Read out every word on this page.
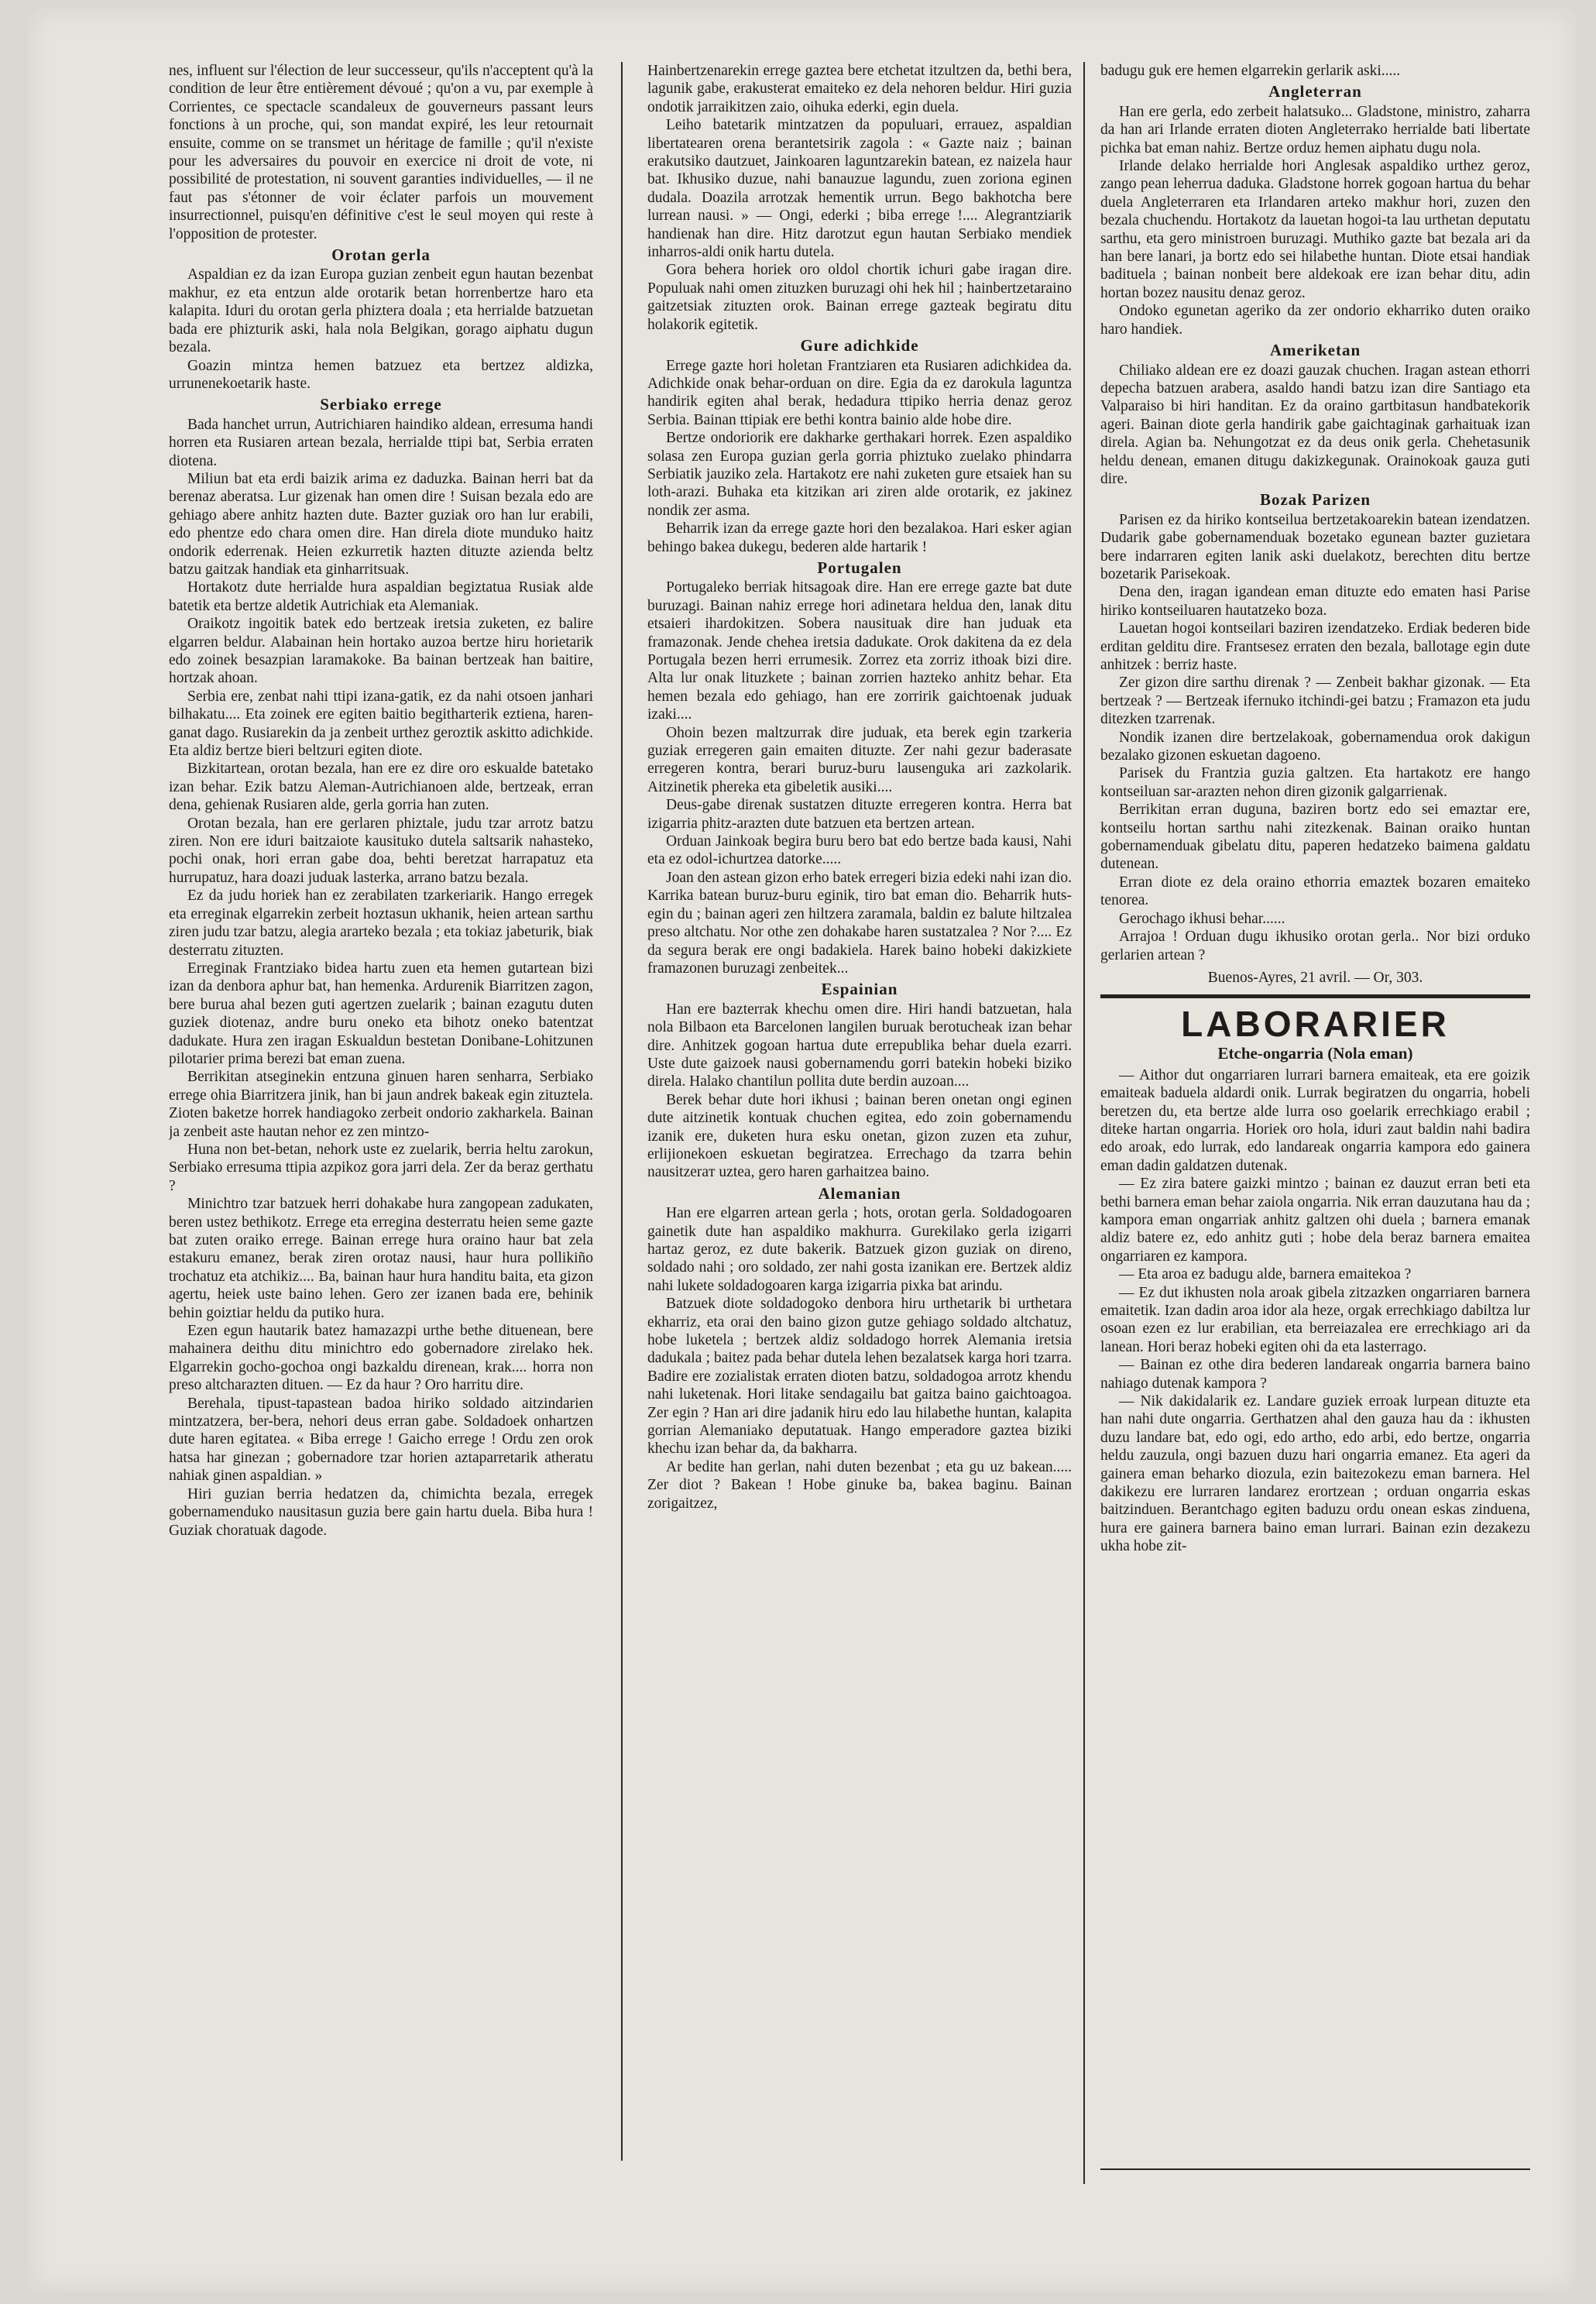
nes, influent sur l'élection de leur successeur, qu'ils n'acceptent qu'à la condition de leur être entièrement dévoué ; qu'on a vu, par exemple à Corrientes, ce spectacle scandaleux de gouverneurs passant leurs fonctions à un proche, qui, son mandat expiré, les leur retournait ensuite, comme on se transmet un héritage de famille ; qu'il n'existe pour les adversaires du pouvoir en exercice ni droit de vote, ni possibilité de protestation, ni souvent garanties individuelles, — il ne faut pas s'étonner de voir éclater parfois un mouvement insurrectionnel, puisqu'en définitive c'est le seul moyen qui reste à l'opposition de protester.

Orotan gerla

Aspaldian ez da izan Europa guzian zenbeit egun hautan bezenbat makhur, ez eta entzun alde orotarik betan horrenbertze haro eta kalapita. Iduri du orotan gerla phiztera doala ; eta herrialde batzuetan bada ere phizturik aski, hala nola Belgikan, gorago aiphatu dugun bezala.

Goazin mintza hemen batzuez eta bertzez aldizka, urrunenekoetarik haste.

Serbiako erregе

Bada hanchet urrun, Autrichiaren haindiko aldean, erresuma handi horren eta Rusiaren artean bezala, herrialde ttipi bat, Serbia erraten diotena.

Miliun bat eta erdi baizik arima ez daduzka. Bainan herri bat da berenaz aberatsa. Lur gizenak han omen dire ! Suisan bezala edo are gehiago abere anhitz hazten dute. Bazter guziak oro han lur erabili, edo phentze edo chara omen dire. Han direla diote munduko haitz ondorik ederrenak. Heien ezkurretik hazten dituzte azienda beltz batzu gaitzak handiak eta ginharritsuak.

Hortakotz dute herrialde hura aspaldian begiztatua Rusiak alde batetik eta bertze aldetik Autrichiak eta Alemaniak.

Oraikotz ingoitik batek edo bertzeak iretsia zuketen, ez balire elgarren beldur. Alabainan hein hortako auzoa bertze hiru horietarik edo zoinek besazpian laramakoke. Ba bainan bertzeak han baitire, hortzak ahoan.

Serbia ere, zenbat nahi ttipi izana-gatik, ez da nahi otsoen janhari bilhakatu.... Eta zoinek ere egiten baitio begitharterik eztiena, haren-ganat dago. Rusiarekin da ja zenbeit urthez geroztik askitto adichkide. Eta aldiz bertze bieri beltzuri egiten diote.

Bizkitartean, orotan bezala, han ere ez dire oro eskualde batetako izan behar. Ezik batzu Aleman-Autrichianoen alde, bertzeak, erran dena, gehienak Rusiaren alde, gerla gorria han zuten.

Orotan bezala, han ere gerlaren phiztale, judu tzar arrotz batzu ziren. Non ere iduri baitzaiote kausituko dutela saltsarik nahasteko, pochi onak, hori erran gabe doa, behti beretzat harrapatuz eta hurrupatuz, hara doazi juduak lasterka, arrano batzu bezala.

Ez da judu horiek han ez zerabilaten tzarkeriarik. Hango erregek eta erreginak elgarrekin zerbeit hoztasun ukhanik, heien artean sarthu ziren judu tzar batzu, alegia ararteko bezala ; eta tokiaz jabeturik, biak desterratu zituzten.

Erreginak Frantziako bidea hartu zuen eta hemen gutartean bizi izan da denbora aphur bat, han hemenka. Ardurenik Biarritzen zagon, bere burua ahal bezen guti agertzen zuelarik ; bainan ezagutu duten guziek diotenaz, andre buru oneko eta bihotz oneko batentzat dadukate. Hura zen iragan Eskualdun bestetan Donibane-Lohitzunen pilotarier prima berezi bat eman zuena.

Berrikitan atseginekin entzuna ginuen haren senharra, Serbiako errege ohia Biarritzera jinik, han bi jaun andrek bakeak egin zituztela. Zioten baketze horrek handiagoko zerbeit ondorio zakharkela. Bainan ja zenbeit aste hautan nehor ez zen mintzo-

Huna non bet-betan, nehork uste ez zuelarik, berria heltu zarokun, Serbiako erresuma ttipia azpikoz gora jarri dela. Zer da beraz gerthatu ?

Minichtro tzar batzuek herri dohakabe hura zangopean zadukaten, beren ustez bethikotz. Errege eta erregina desterratu heien seme gazte bat zuten oraiko errege. Bainan errege hura oraino haur bat zela estakuru emanez, berak ziren orotaz nausi, haur hura pollikiño trochatuz eta atchikiz.... Ba, bainan haur hura handitu baita, eta gizon agertu, heiek uste baino lehen. Gero zer izanen bada ere, behinik behin goiztiar heldu da putiko hura.

Ezen egun hautarik batez hamazazpi urthe bethe dituenean, bere mahainera deithu ditu minichtro edo gobernadore zirelako hek. Elgarrekin gocho-gochoa ongi bazkaldu direnean, krak.... horra non preso altcharazten dituen. — Ez da haur ? Oro harritu dire.

Berehala, tipust-tapastean badoa hiriko soldado aitzindarien mintzatzera, ber-bera, nehori deus erran gabe. Soldadoek onhartzen dute haren egitatea. « Biba errege ! Gaicho errege ! Ordu zen orok hatsa har ginezan ; gobernadore tzar horien aztaparretarik atheratu nahiak ginen aspaldian. »

Hiri guzian berria hedatzen da, chimichta bezala, erregek gobernamenduko nausitasun guzia bere gain hartu duela. Biba hura ! Guziak choratuak dagode.

Hainbertzenarekin errege gaztea bere etchetat itzultzen da, bethi bera, lagunik gabe, erakusterat emaiteko ez dela nehoren beldur. Hiri guzia ondotik jarraikitzen zaio, oihuka ederki, egin duela.

Leiho batetarik mintzatzen da populuari, errauez, aspaldian libertatearen orena berantetsirik zagola : « Gazte naiz ; bainan erakutsiko dautzuet, Jainkoaren laguntzarekin batean, ez naizela haur bat. Ikhusiko duzue, nahi banauzue lagundu, zuen zoriona eginen dudala. Doazila arrotzak hementik urrun. Bego bakhotcha bere lurrean nausi. » — Ongi, ederki ; biba errege !.... Alegrantziarik handienak han dire. Hitz darotzut egun hautan Serbiako mendiek inharros-aldi onik hartu dutela.

Gora behera horiek oro oldol chortik ichuri gabe iragan dire. Populuak nahi omen zituzken buruzagi ohi hek hil ; hainbertzetaraino gaitzetsiak zituzten orok. Bainan errege gazteak begiratu ditu holakorik egitetik.

Gure adichkide

Errege gazte hori holetan Frantziaren eta Rusiaren adichkidea da. Adichkide onak behar-orduan on dire. Egia da ez darokula laguntza handirik egiten ahal berak, hedadura ttipiko herria denaz geroz Serbia. Bainan ttipiak ere bethi kontra bainio alde hobe dire.

Bertze ondoriorik ere dakharke gerthakari horrek. Ezen aspaldiko solasa zen Europa guzian gerla gorria phiztuko zuelako phindarra Serbiatik jauziko zela. Hartakotz ere nahi zuketen gure etsaiek han su loth-arazi. Buhaka eta kitzikan ari ziren alde orotarik, ez jakinez nondik zer asma.

Beharrik izan da errege gazte hori den bezalakoa. Hari esker agian behingo bakea dukegu, bederen alde hartarik !

Portugalen

Portugaleko berriak hitsagoak dire. Han ere errege gazte bat dute buruzagi. Bainan nahiz errege hori adinetara heldua den, lanak ditu etsaieri ihardokitzen. Soberа nausituak dire han juduak eta framazonak. Jende chehea iretsia dadukate. Orok dakitena da ez dela Portugala bezen herri errumesik. Zorrez eta zorriz ithoak bizi dire. Alta lur onak lituzkete ; bainan zorrien hazteko anhitz behar. Eta hemen bezala edo gehiago, han ere zorririk gaichtoenak juduak izaki....

Ohoin bezen maltzurrak dire juduak, eta berek egin tzarkeria guziak erregeren gain emaiten dituzte. Zer nahi gezur baderasate erregeren kontra, berari buruz-buru lausenguka ari zazkolarik. Aitzinetik phereka eta gibeletik ausiki....

Deus-gabe direnak sustatzen dituzte erregeren kontra. Herra bat izigarria phitz-arazten dute batzuen eta bertzen artean.

Orduan Jainkoak begira buru bero bat edo bertze bada kausi, Nahi eta ez odol-ichurtzea datorke.....

Joan den astean gizon erho batek erregeri bizia edeki nahi izan dio. Karrika batean buruz-buru eginik, tiro bat eman dio. Beharrik huts-egin du ; bainan ageri zen hiltzera zaramala, baldin ez balute hiltzalea preso altchatu. Nor othe zen dohakabe haren sustatzalea ? Nor ?.... Ez da segura berak ere ongi badakiela. Harek baino hobeki dakizkiete framazonen buruzagi zenbeitek...

Espainian

Han ere bazterrak khechu omen dire. Hiri handi batzuetan, hala nola Bilbaon eta Barcelonen langilen buruak berotucheak izan behar dire. Anhitzek gogoan hartua dute errepublika behar duela ezarri. Uste dute gaizoek nausi gobernamendu gorri batekin hobeki biziko direla. Halako chantilun pollita dute berdin auzoan....

Berek behar dute hori ikhusi ; bainan beren onetan ongi eginen dute aitzinetik kontuak chuchen egitea, edo zoin gobernamendu izanik ere, duketen hura esku onetan, gizon zuzen eta zuhur, erlijionekoen eskuetan begiratzea. Errechago da tzarra behin nausitzeraт uztea, gero haren garhaitzea baino.

Alemanian

Han ere elgarren artean gerla ; hots, orotan gerla. Soldadogoaren gainetik dute han aspaldiko makhurra. Gurekilako gerla izigarri hartaz geroz, ez dute bakerik. Batzuek gizon guziak on direno, soldado nahi ; oro soldado, zer nahi gosta izanikan ere. Bertzek aldiz nahi lukete soldadogoaren karga izigarria pixka bat arindu.

Batzuek diote soldadogoko denbora hiru urthetarik bi urthetara ekharriz, eta orai den baino gizon gutze gehiago soldado altchatuz, hobe luketela ; bertzek aldiz soldadogo horrek Alemania iretsia dadukala ; baitez pada behar dutela lehen bezalatsek karga hori tzarra. Badire ere zozialistak erraten dioten batzu, soldadogoa arrotz khendu nahi luketenak. Hori litake sendagailu bat gaitza baino gaichtoagoa. Zer egin ? Han ari dire jadanik hiru edo lau hilabethe huntan, kalapita gorrian Alemaniako deputatuak. Hango emperadore gaztea biziki khechu izan behar da, da bakharra.

Ar bedite han gerlan, nahi duten bezenbat ; eta gu uz bakean..... Zer diot ? Bakean ! Hobe ginuke ba, bakea baginu. Bainan zorigaitzez,

badugu guk ere hemen elgarrekin gerlarik aski.....

Angleterran

Han ere gerla, edo zerbeit halatsuko... Gladstone, ministro, zaharra da han ari Irlande erraten dioten Angleterrako herrialde bati libertate pichka bat eman nahiz. Bertze orduz hemen aiphatu dugu nola.

Irlande delako herrialde hori Anglesak aspaldiko urthez geroz, zango pean leherrua daduka. Gladstone horrek gogoan hartua du behar duela Angleterraren eta Irlandaren arteko makhur hori, zuzen den bezala chuchendu. Hortakotz da lauetan hogoi-ta lau urthetan deputatu sarthu, eta gero ministroen buruzagi. Muthiko gazte bat bezala ari da han bere lanari, ja bortz edo sei hilabethe huntan. Diote etsai handiak badituela ; bainan nonbeit bere aldekoak ere izan behar ditu, adin hortan bozez nausitu denaz geroz.

Ondoko egunetan ageriko da zer ondorio ekharriko duten oraiko haro handiek.

Ameriketan

Chiliako aldean ere ez doazi gauzak chuchen. Iragan astean ethorri depecha batzuen arabera, asaldo handi batzu izan dire Santiago eta Valparaiso bi hiri handitan. Ez da oraino gartbitasun handbatekorik ageri. Bainan diote gerla handirik gabe gaichtaginak garhaituak izan direla. Agian ba. Nehungotzat ez da deus onik gerla. Chehetasunik heldu denean, emanen ditugu dakizkegunak. Orainokoak gauza guti dire.

Bozak Parizen

Parisen ez da hiriko kontseilua bertzetakoarekin batean izendatzen. Dudarik gabe gobernamenduak bozetako egunean bazter guzietara bere indarraren egiten lanik aski duelakotz, berechten ditu bertze bozetarik Parisekoak.

Dena den, iragan igandean eman dituzte edo ematen hasi Parise hiriko kontseiluaren hautatzeko boza.

Lauetan hogoi kontseilari baziren izendatzeko. Erdiak bederen bide erditan gelditu dire. Frantsesez erraten den bezala, ballotage egin dute anhitzek : berriz haste.

Zer gizon dire sarthu direnak ? — Zenbeit bakhar gizonak. — Eta bertzeak ? — Bertzeak ifernuko itchindi-gei batzu ; Framazon eta judu ditezken tzarrenak.

Nondik izanen dire bertzelakoak, gobernamendua orok dakigun bezalako gizonen eskuetan dagoeno.

Parisek du Frantzia guzia galtzen. Eta hartakotz ere hango kontseiluan sar-arazten nehon diren gizonik galgarrienak.

Berrikitan erran duguna, baziren bortz edo sei emaztar ere, kontseilu hortan sarthu nahi zitezkenak. Bainan oraiko huntan gobernamenduak gibelatu ditu, paperen hedatzeko baimena galdatu dutenean.

Erran diote ez dela oraino ethorria emaztek bozaren emaiteko tenorea.

Gerochago ikhusi behar......

Arrajoa ! Orduan dugu ikhusiko orotan gerla.. Nor bizi orduko gerlarien artean ?

Buenos-Ayres, 21 avril. — Or, 303.

LABORARIER
Etche-ongarria (Nola eman)

— Aithor dut ongarriaren lurrari barnera emaiteak, eta ere goizik emaiteak baduela aldardi onik. Lurrak begiratzen du ongarria, hobeli beretzen du, eta bertze alde lurra oso goelarik errechkiago erabil ; diteke hartan ongarria. Horiek oro hola, iduri zaut baldin nahi badira edo aroak, edo lurrak, edo landareak ongarria kampora edo gainera eman dadin galdatzen dutenak.

— Ez zira batere gaizki mintzo ; bainan ez dauzut erran beti eta bethi barnera eman behar zaiola ongarria. Nik erran dauzutana hau da ; kampora eman ongarriak anhitz galtzen ohi duela ; barnera emanak aldiz batere ez, edo anhitz guti ; hobe dela beraz barnera emaitea ongarriaren ez kampora.

— Eta aroa ez badugu alde, barnera emaitekoa ?

— Ez dut ikhusten nola aroak gibela zitzazken ongarriaren barnera emaitetik. Izan dadin aroa idor ala heze, orgak errechkiago dabiltza lur osoan ezen ez lur erabilian, eta berreiazalea ere errechkiago ari da lanean. Hori beraz hobeki egiten ohi da eta lasterrago.

— Bainan ez othe dira bederen landareak ongarria barnera baino nahiago dutenak kampora ?

— Nik dakidalarik ez. Landare guziek erroak lurpean dituzte eta han nahi dute ongarria. Gerthatzen ahal den gauza hau da : ikhusten duzu landare bat, edo ogi, edo artho, edo arbi, edo bertze, ongarria heldu zauzula, ongi bazuen duzu hari ongarria emanez. Eta ageri da gainera eman beharko diozula, ezin baitezokezu eman barnera. Hel dakikezu ere lurraren landarez erortzean ; orduan ongarria eskas baitzinduen. Berantchago egiten baduzu ordu onean eskas zinduena, hura ere gainera barnera baino eman lurrari. Bainan ezin dezakezu ukha hobe zit-
